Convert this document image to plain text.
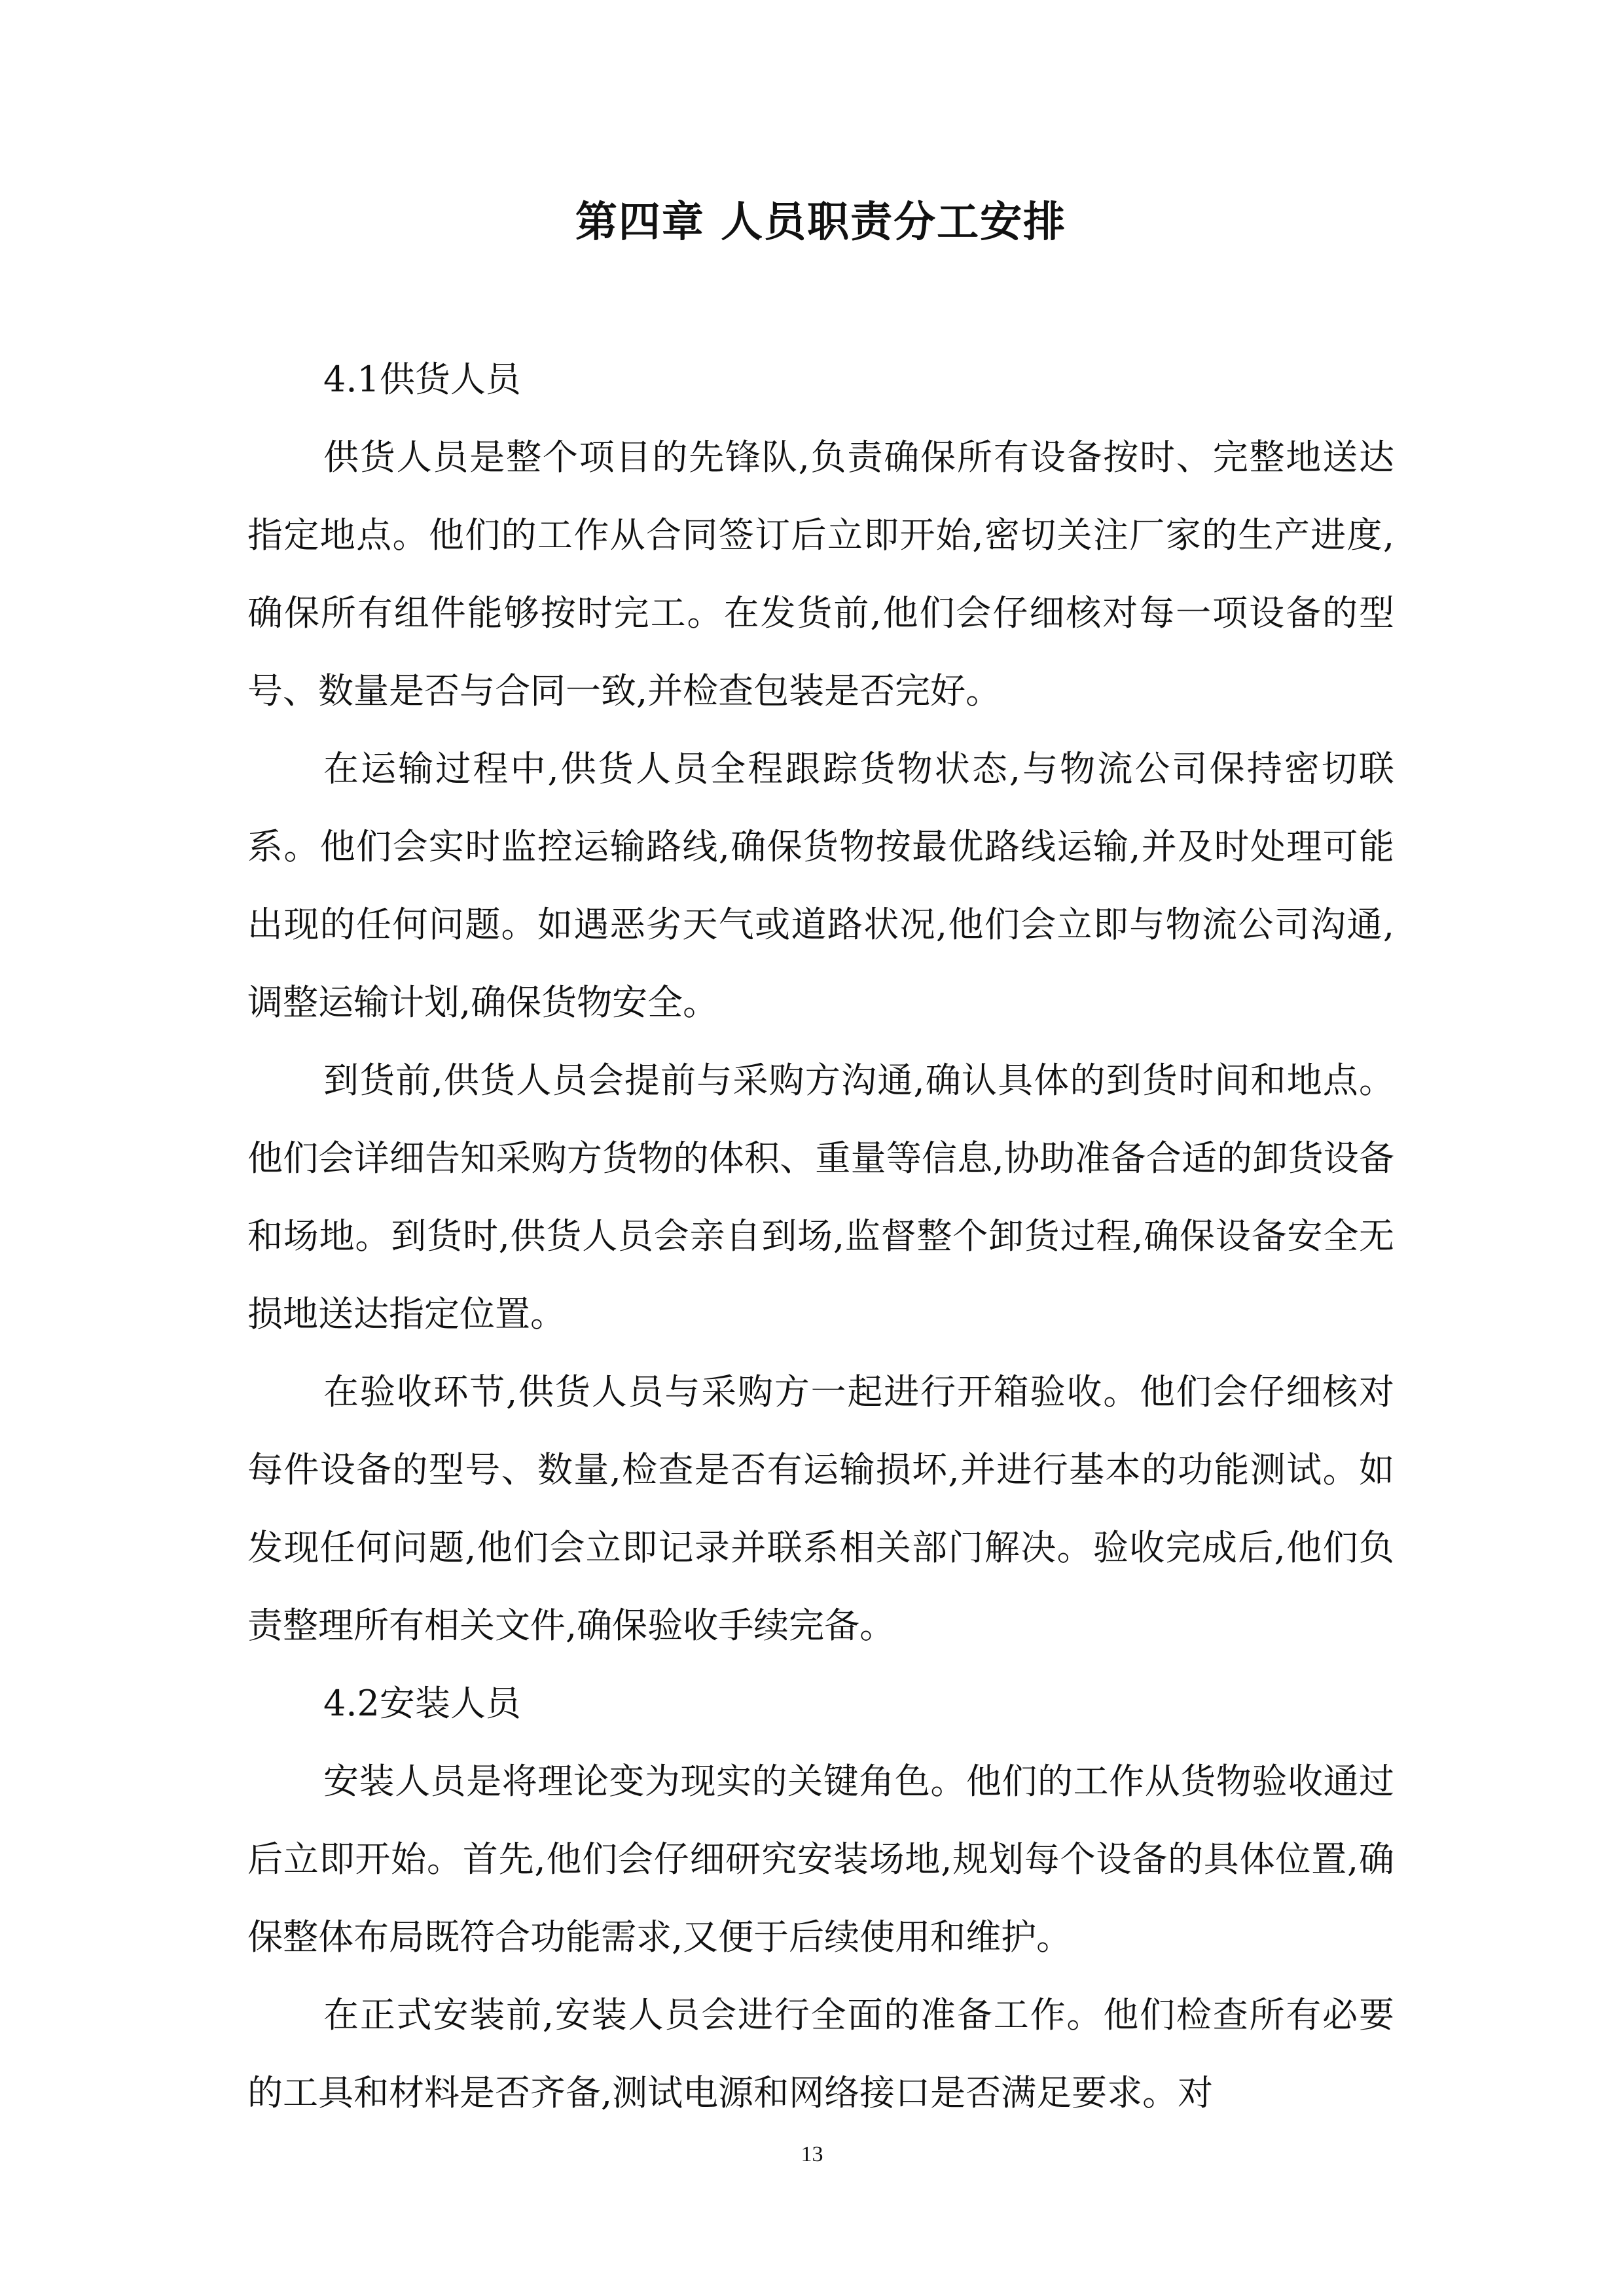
第四章 人员职责分工安排

4.1供货人员

供货人员是整个项目的先锋队,负责确保所有设备按时、完整地送达指定地点。他们的工作从合同签订后立即开始,密切关注厂家的生产进度,确保所有组件能够按时完工。在发货前,他们会仔细核对每一项设备的型号、数量是否与合同一致,并检查包装是否完好。

在运输过程中,供货人员全程跟踪货物状态,与物流公司保持密切联系。他们会实时监控运输路线,确保货物按最优路线运输,并及时处理可能出现的任何问题。如遇恶劣天气或道路状况,他们会立即与物流公司沟通,调整运输计划,确保货物安全。

到货前,供货人员会提前与采购方沟通,确认具体的到货时间和地点。他们会详细告知采购方货物的体积、重量等信息,协助准备合适的卸货设备和场地。到货时,供货人员会亲自到场,监督整个卸货过程,确保设备安全无损地送达指定位置。

在验收环节,供货人员与采购方一起进行开箱验收。他们会仔细核对每件设备的型号、数量,检查是否有运输损坏,并进行基本的功能测试。如发现任何问题,他们会立即记录并联系相关部门解决。验收完成后,他们负责整理所有相关文件,确保验收手续完备。

4.2安装人员

安装人员是将理论变为现实的关键角色。他们的工作从货物验收通过后立即开始。首先,他们会仔细研究安装场地,规划每个设备的具体位置,确保整体布局既符合功能需求,又便于后续使用和维护。

在正式安装前,安装人员会进行全面的准备工作。他们检查所有必要的工具和材料是否齐备,测试电源和网络接口是否满足要求。对

13
